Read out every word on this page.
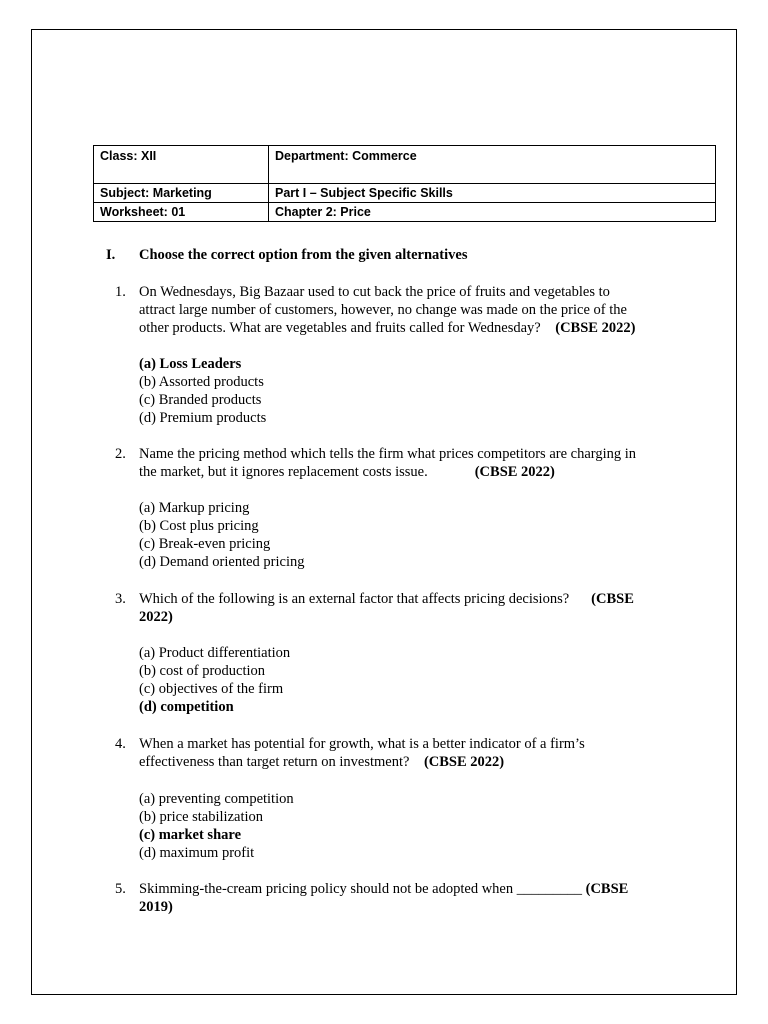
Class: XII	Department: Commerce
Subject: Marketing	Part I – Subject Specific Skills
Worksheet: 01	Chapter 2: Price
I. Choose the correct option from the given alternatives
1. On Wednesdays, Big Bazaar used to cut back the price of fruits and vegetables to
attract large number of customers, however, no change was made on the price of the
other products. What are vegetables and fruits called for Wednesday? (CBSE 2022)
(a) Loss Leaders
(b) Assorted products
(c) Branded products
(d) Premium products
2. Name the pricing method which tells the firm what prices competitors are charging in
the market, but it ignores replacement costs issue.	(CBSE 2022)
(a) Markup pricing
(b) Cost plus pricing
(c) Break-even pricing
(d) Demand oriented pricing
3. Which of the following is an external factor that affects pricing decisions? (CBSE
2022)
(a) Product differentiation
(b) cost of production
(c) objectives of the firm
(d) competition
4. When a market has potential for growth, what is a better indicator of a firm’s
effectiveness than target return on investment? (CBSE 2022)
(a) preventing competition
(b) price stabilization
(c) market share
(d) maximum profit
5. Skimming-the-cream pricing policy should not be adopted when _________ (CBSE
2019)
